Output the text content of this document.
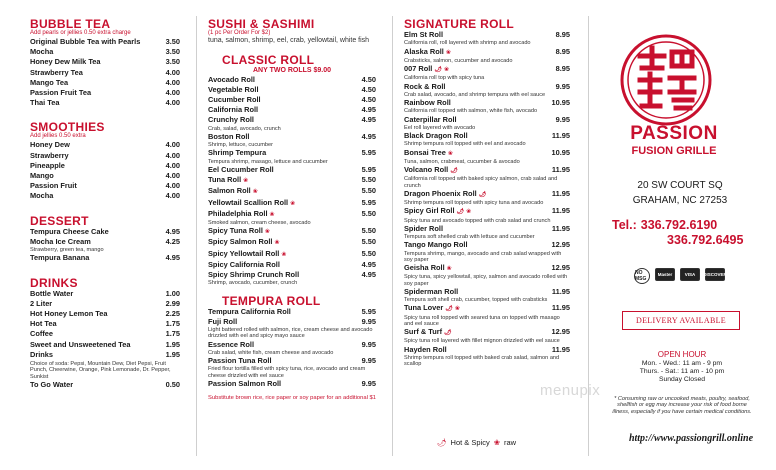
BUBBLE TEA
Add pearls or jellies 0.50 extra charge
Original Bubble Tea with Pearls	3.50
Mocha	3.50
Honey Dew Milk Tea	3.50
Strawberry Tea	4.00
Mango Tea	4.00
Passion Fruit Tea	4.00
Thai Tea	4.00
SMOOTHIES
Add jellies 0.50 extra
Honey Dew	4.00
Strawberry	4.00
Pineapple	4.00
Mango	4.00
Passion Fruit	4.00
Mocha	4.00
DESSERT
Tempura Cheese Cake	4.95
Mocha Ice Cream	4.25
Strawberry, green tea, mango
Tempura Banana	4.95
DRINKS
Bottle Water	1.00
2 Liter	2.99
Hot Honey Lemon Tea	2.25
Hot Tea	1.75
Coffee	1.75
Sweet and Unsweetened Tea	1.95
Drinks	1.95
Choice of soda: Pepsi, Mountain Dew, Diet Pepsi, Fruit Punch, Cheerwine, Orange, Pink Lemonade, Dr. Pepper, Sunkist
To Go Water	0.50
SUSHI & SASHIMI
(1 pc Per Order For $2)
tuna, salmon, shrimp, eel, crab, yellowtail, white fish
CLASSIC ROLL
ANY TWO ROLLS $9.00
Avocado Roll	4.50
Vegetable Roll	4.50
Cucumber Roll	4.50
California Roll	4.95
Crunchy Roll	4.95
Crab, salad, avocado, crunch
Boston Roll	4.95
Shrimp, lettuce, cucumber
Shrimp Tempura	5.95
Tempura shrimp, masago, lettuce and cucumber
Eel Cucumber Roll	5.95
Tuna Roll ❀	5.50
Salmon Roll ❀	5.50
Yellowtail Scallion Roll ❀	5.95
Philadelphia Roll ❀	5.50
Smoked salmon, cream cheese, avocado
Spicy Tuna Roll ❀	5.50
Spicy Salmon Roll ❀	5.50
Spicy Yellowtail Roll ❀	5.50
Spicy California Roll	4.95
Spicy Shrimp Crunch Roll	4.95
Shrimp, avocado, cucumber, crunch
TEMPURA ROLL
Tempura California Roll	5.95
Fuji Roll	9.95
Light battered rolled with salmon, rice, cream cheese and avocado drizzled with eel and spicy mayo sauce
Essence Roll	9.95
Crab salad, white fish, cream cheese and avocado
Passion Tuna Roll	9.95
Fried flour tortilla filled with spicy tuna, rice, avocado and cream cheese drizzled with eel sauce
Passion Salmon Roll	9.95
Substitute brown rice, rice paper or soy paper for an additional $1
SIGNATURE ROLL
Elm St Roll	8.95
California roll, roll layered with shrimp and avocado
Alaska Roll ❀	8.95
Crabsticks, salmon, cucumber and avocado
007 Roll 🌶︎ ❀	8.95
California roll top with spicy tuna
Rock & Roll	9.95
Crab salad, avocado, and shrimp tempura with eel sauce
Rainbow Roll	10.95
California roll topped with salmon, white fish, avocado
Caterpillar Roll	9.95
Eel roll layered with avocado
Black Dragon Roll	11.95
Shrimp tempura roll topped with eel and avocado
Bonsai Tree ❀	10.95
Tuna, salmon, crabmeat, cucumber & avocado
Volcano Roll 🌶︎	11.95
California roll topped with baked spicy salmon, crab salad and crunch
Dragon Phoenix Roll 🌶︎	11.95
Shrimp tempura roll topped with spicy tuna and avocado
Spicy Girl Roll 🌶︎ ❀	11.95
Spicy tuna and avocado topped with crab salad and crunch
Spider Roll	11.95
Tempura soft shelled crab with lettuce and cucumber
Tango Mango Roll	12.95
Tempura shrimp, mango, avocado and crab salad wrapped with soy paper
Geisha Roll ❀	12.95
Spicy tuna, spicy yellowtail, spicy, salmon and avocado rolled with soy paper
Spiderman Roll	11.95
Tempura soft shell crab, cucumber, topped with crabsticks
Tuna Lover 🌶︎ ❀	11.95
Spicy tuna roll topped with seared tuna on topped with masago and eel sauce
Surf & Turf 🌶︎	12.95
Spicy tuna roll layered with fillet mignon drizzled with eel sauce
Hayden Roll	11.95
Shrimp tempura roll topped with baked crab salad, salmon and scallop
🌶︎ Hot & Spicy ❀ raw
menupix
PASSION
FUSION GRILLE
20 SW COURT SQ
GRAHAM, NC 27253
Tel.: 336.792.6190
336.792.6495
NO MSG
Master	VISA	DISCOVER
DELIVERY AVAILABLE
OPEN HOUR
Mon. - Wed.: 11 am - 9 pm
Thurs. - Sat.: 11 am - 10 pm
Sunday Closed
* Consuming raw or uncooked meats, poultry, seafood, shellfish or egg may increase your risk of food borne illness, especially if you have certain medical conditions.
http://www.passiongrill.online
